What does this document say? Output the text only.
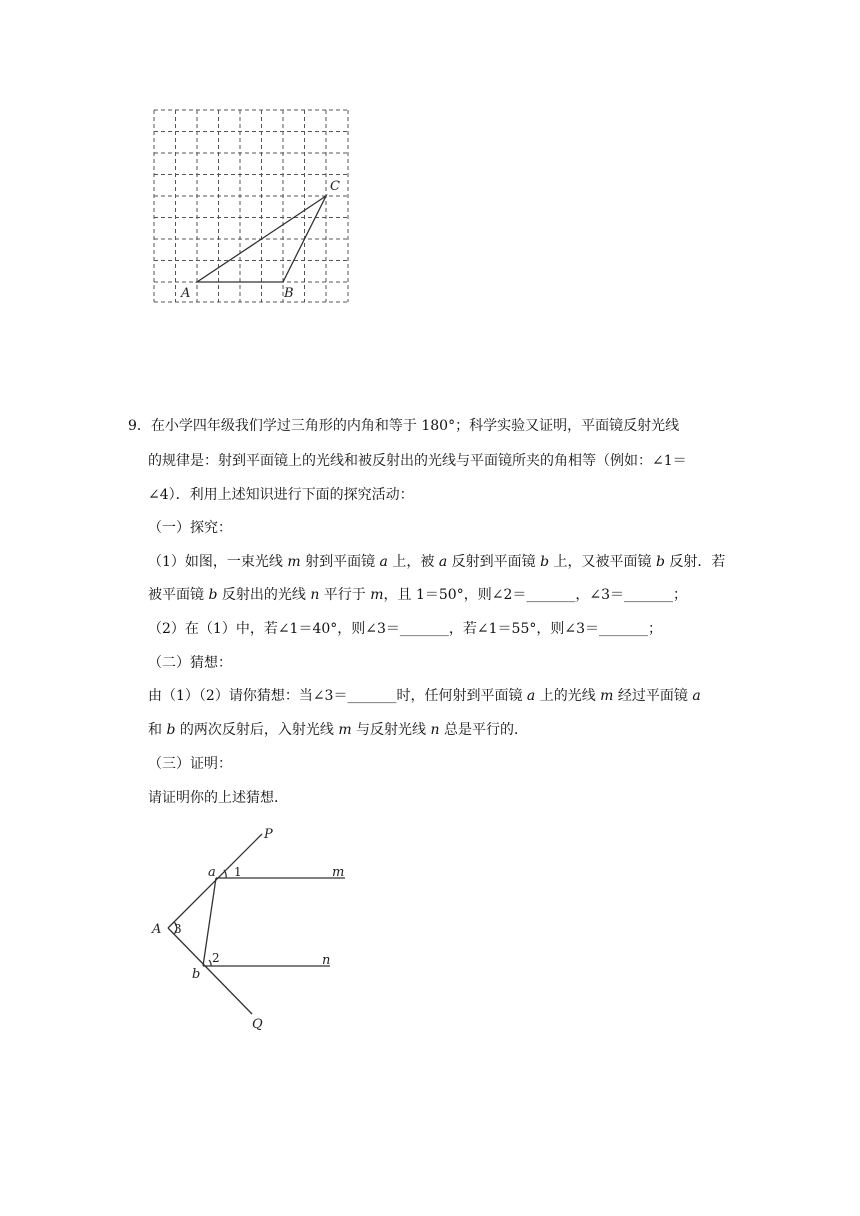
A	B
C
9．在小学四年级我们学过三角形的内角和等于 180°；科学实验又证明，平面镜反射光线
的规律是：射到平面镜上的光线和被反射出的光线与平面镜所夹的角相等（例如：∠1＝
∠4）．利用上述知识进行下面的探究活动：
（一）探究：
（1）如图，一束光线 m 射到平面镜 a 上，被 a 反射到平面镜 b 上，又被平面镜 b 反射．若
被平面镜 b 反射出的光线 n 平行于 m，且 1＝50°，则∠2＝_______，∠3＝_______；
（2）在（1）中，若∠1＝40°，则∠3＝_______，若∠1＝55°，则∠3＝_______；
（二）猜想：
由（1）（2）请你猜想：当∠3＝_______时，任何射到平面镜 a 上的光线 m 经过平面镜 a
和 b 的两次反射后，入射光线 m 与反射光线 n 总是平行的．
（三）证明：
请证明你的上述猜想．
P
a 1	m
A 3
2
b
n
Q
